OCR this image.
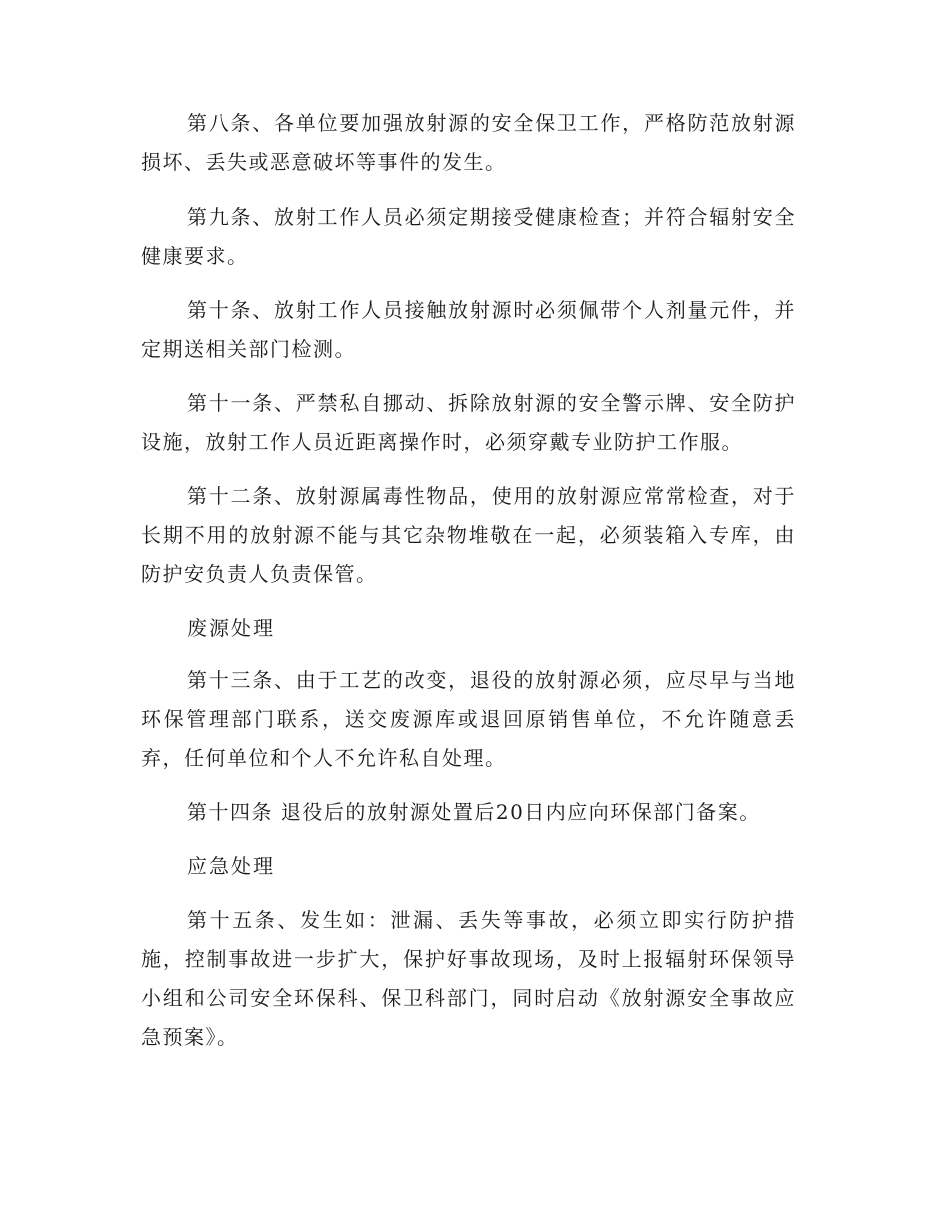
第八条、各单位要加强放射源的安全保卫工作，严格防范放射源损坏、丢失或恶意破坏等事件的发生。

第九条、放射工作人员必须定期接受健康检查；并符合辐射安全健康要求。

第十条、放射工作人员接触放射源时必须佩带个人剂量元件，并定期送相关部门检测。

第十一条、严禁私自挪动、拆除放射源的安全警示牌、安全防护设施，放射工作人员近距离操作时，必须穿戴专业防护工作服。

第十二条、放射源属毒性物品，使用的放射源应常常检查，对于长期不用的放射源不能与其它杂物堆敬在一起，必须装箱入专库，由防护安负责人负责保管。

废源处理

第十三条、由于工艺的改变，退役的放射源必须，应尽早与当地环保管理部门联系，送交废源库或退回原销售单位，不允许随意丢弃，任何单位和个人不允许私自处理。

第十四条 退役后的放射源处置后20日内应向环保部门备案。

应急处理

第十五条、发生如：泄漏、丢失等事故，必须立即实行防护措施，控制事故进一步扩大，保护好事故现场，及时上报辐射环保领导小组和公司安全环保科、保卫科部门，同时启动《放射源安全事故应急预案》。
